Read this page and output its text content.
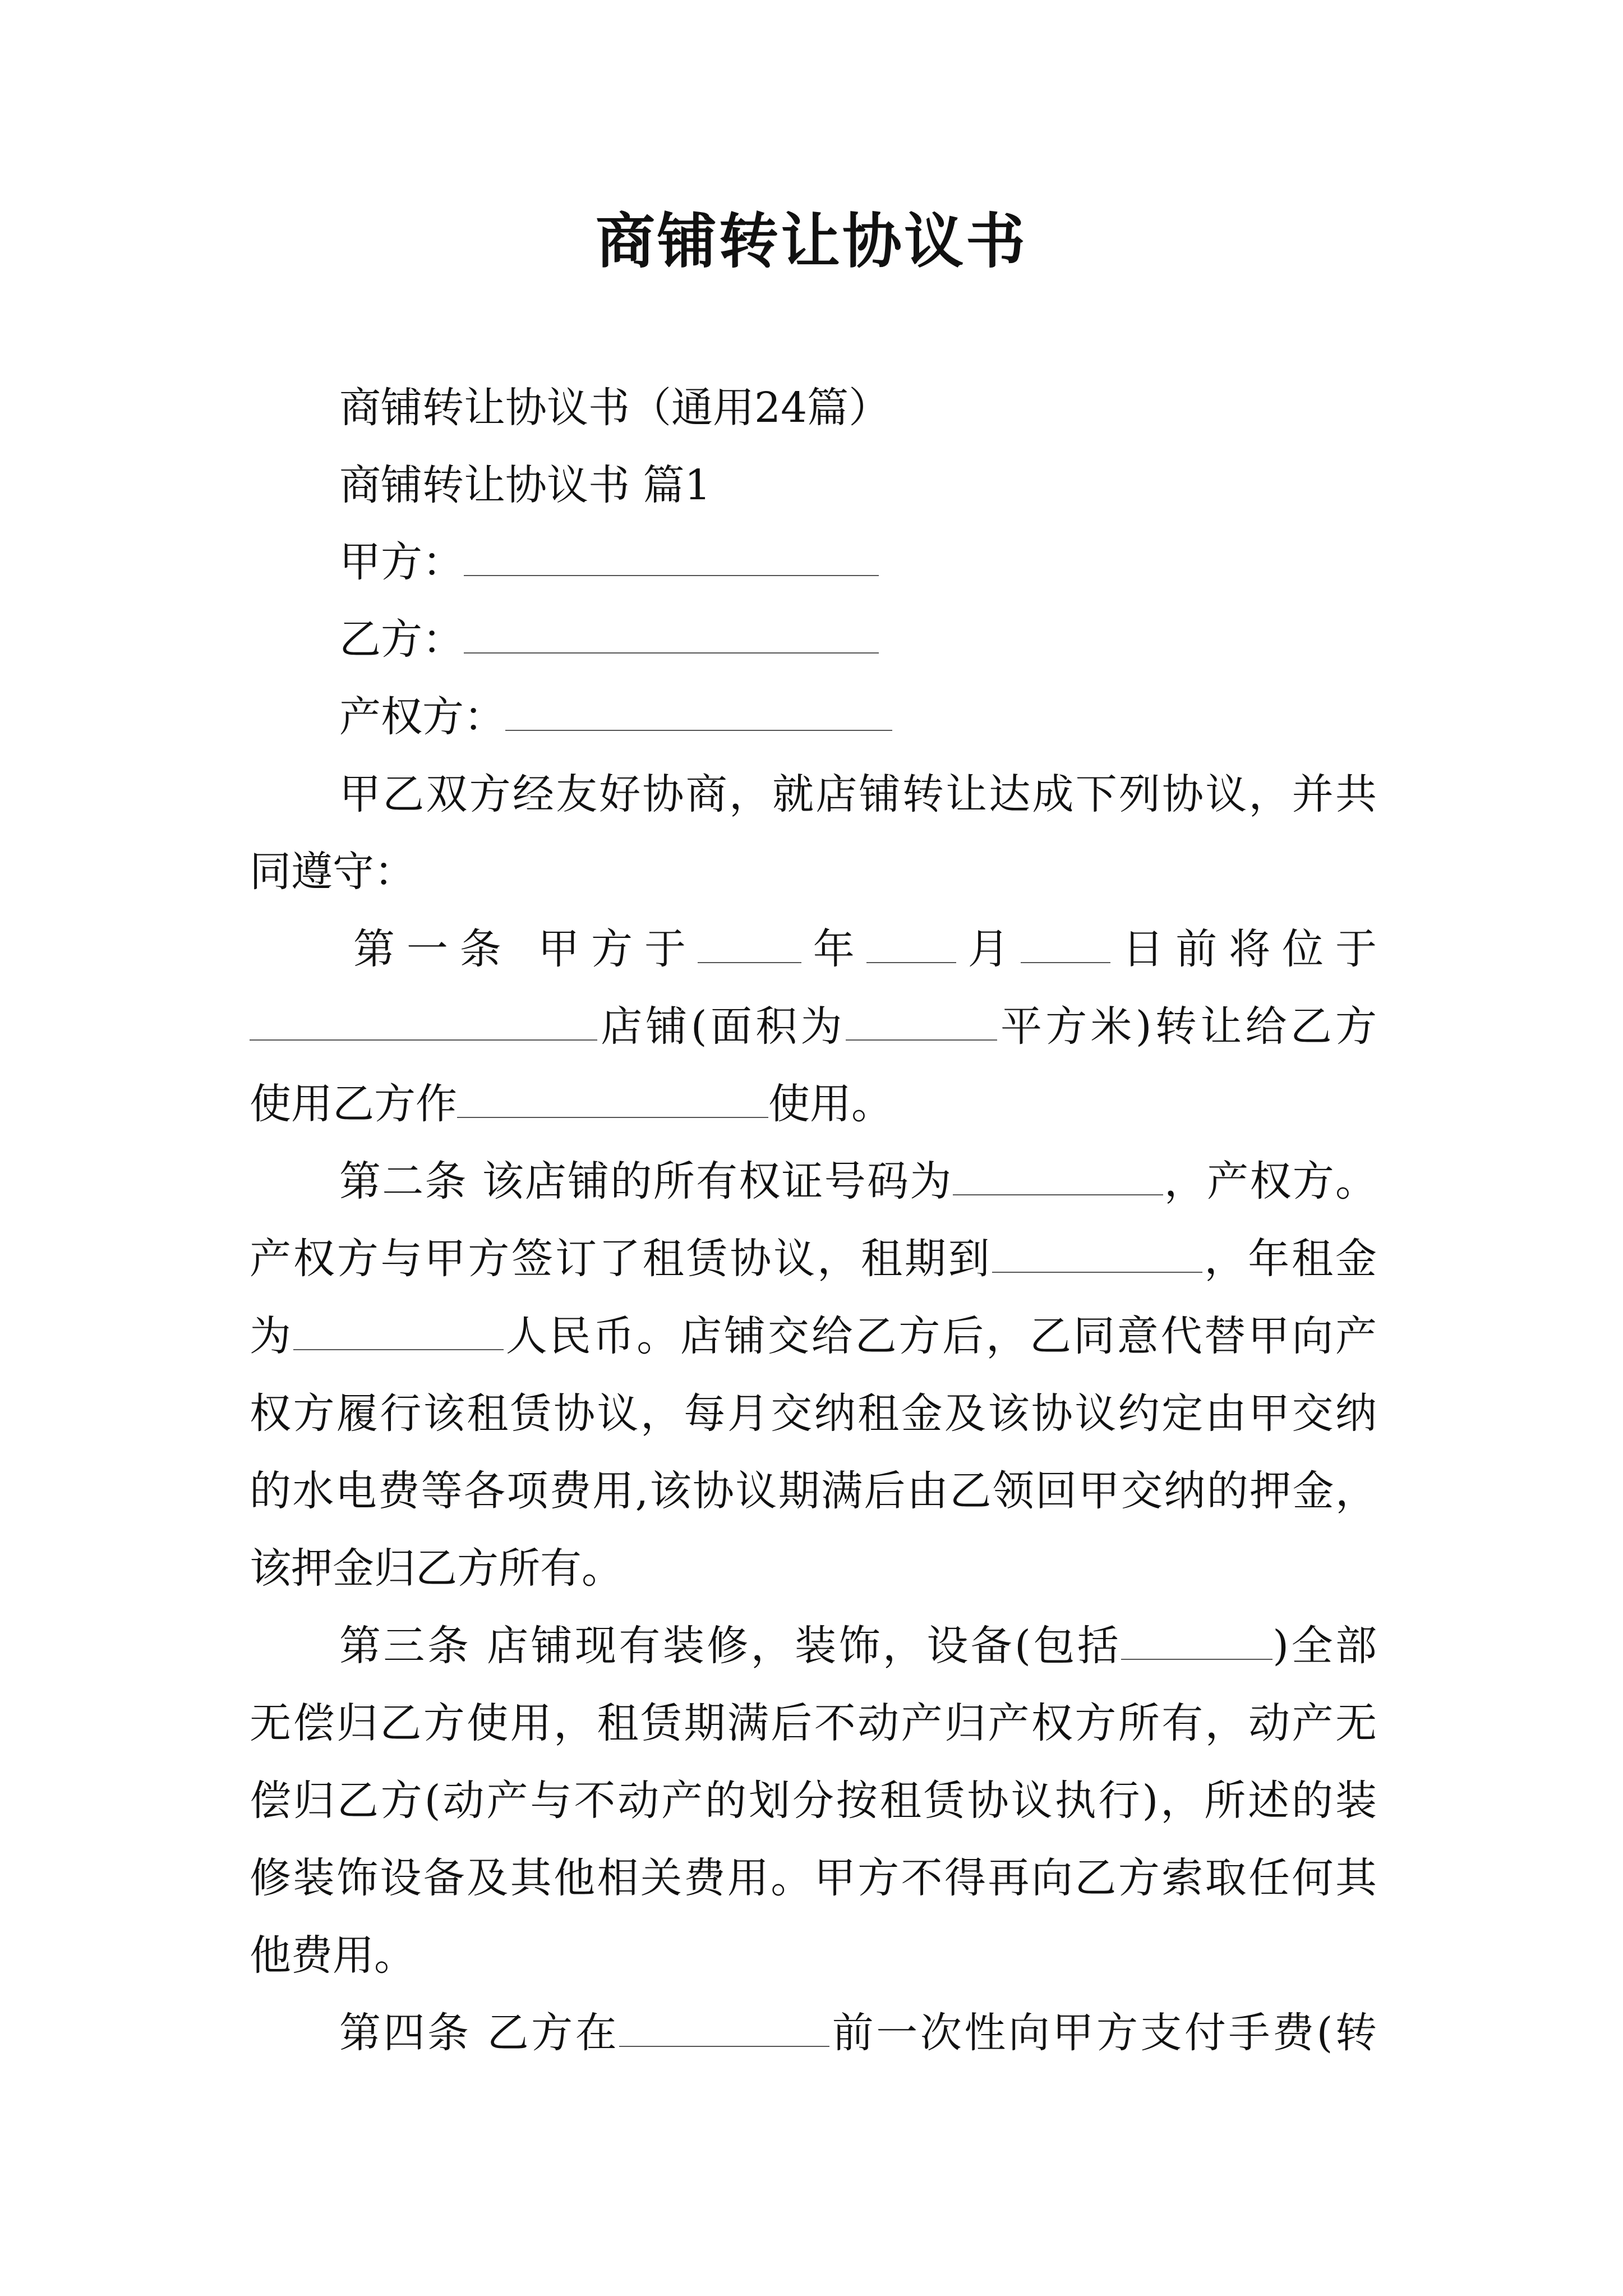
商铺转让协议书
商铺转让协议书（通用24篇）
商铺转让协议书 篇1
甲方：
乙方：
产权方：
甲乙双方经友好协商，就店铺转让达成下列协议，并共
同遵守：
第一条 甲方于	年 月 日前将位于
店铺(面积为	平方米)转让给乙方
使用乙方作	使用。
第二条 该店铺的所有权证号码为	，产权方。
产权方与甲方签订了租赁协议，租期到	，年租金
为	人民币。店铺交给乙方后，乙同意代替甲向产
权方履行该租赁协议，每月交纳租金及该协议约定由甲交纳
的水电费等各项费用,该协议期满后由乙领回甲交纳的押金，
该押金归乙方所有。
第三条 店铺现有装修，装饰，设备(包括	)全部
无偿归乙方使用，租赁期满后不动产归产权方所有，动产无
偿归乙方(动产与不动产的划分按租赁协议执行)，所述的装
修装饰设备及其他相关费用。甲方不得再向乙方索取任何其
他费用。
第四条 乙方在	前一次性向甲方支付手费(转
